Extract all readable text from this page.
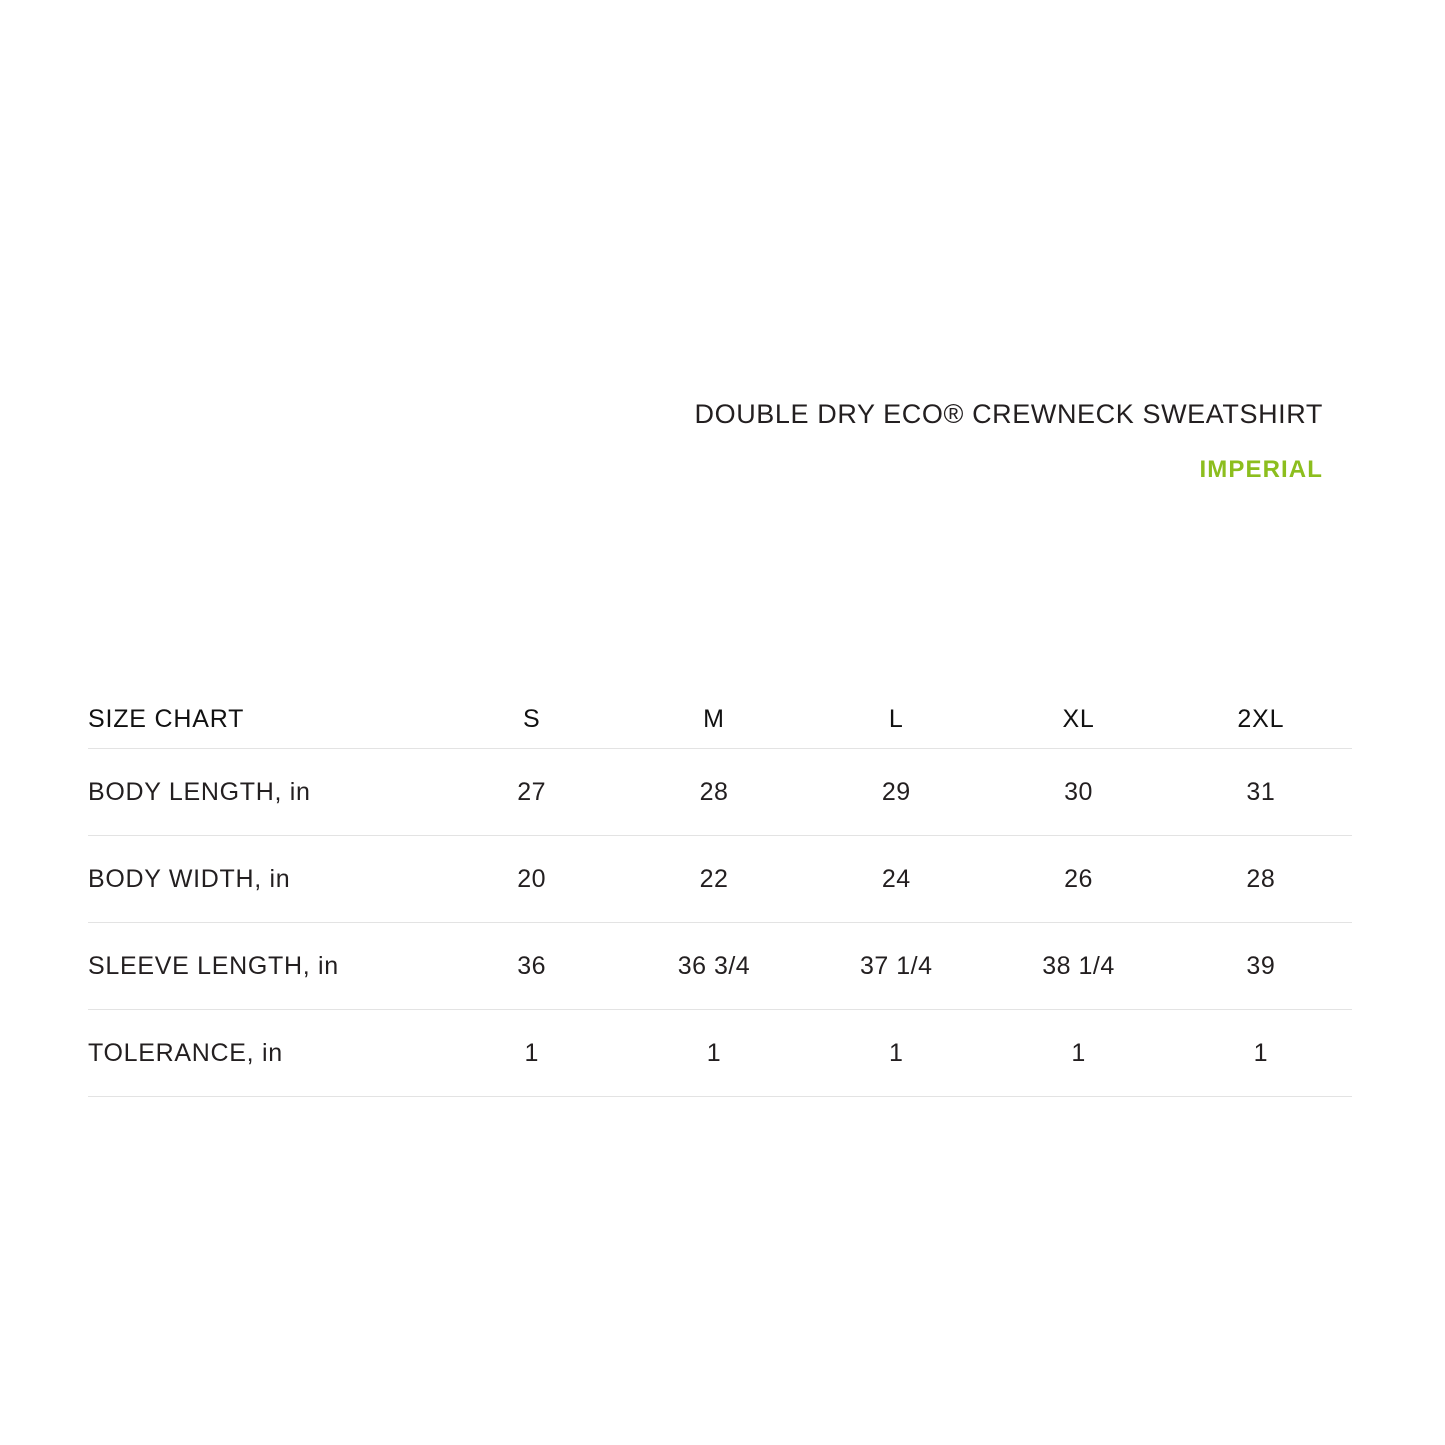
DOUBLE DRY ECO® CREWNECK SWEATSHIRT
IMPERIAL
SIZE CHART	S	M	L	XL	2XL
BODY LENGTH, in	27	28	29	30	31
BODY WIDTH, in	20	22	24	26	28
SLEEVE LENGTH, in	36	36 3/4	37 1/4	38 1/4	39
TOLERANCE, in	1	1	1	1	1
